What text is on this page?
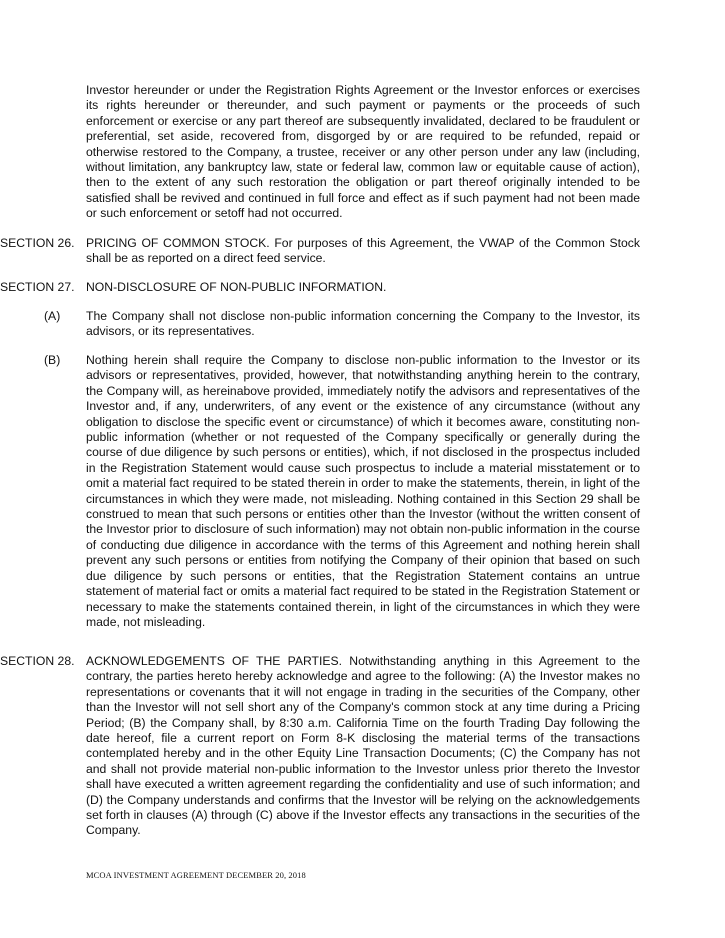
Investor hereunder or under the Registration Rights Agreement or the Investor enforces or exercises its rights hereunder or thereunder, and such payment or payments or the proceeds of such enforcement or exercise or any part thereof are subsequently invalidated, declared to be fraudulent or preferential, set aside, recovered from, disgorged by or are required to be refunded, repaid or otherwise restored to the Company, a trustee, receiver or any other person under any law (including, without limitation, any bankruptcy law, state or federal law, common law or equitable cause of action), then to the extent of any such restoration the obligation or part thereof originally intended to be satisfied shall be revived and continued in full force and effect as if such payment had not been made or such enforcement or setoff had not occurred.
SECTION 26. PRICING OF COMMON STOCK. For purposes of this Agreement, the VWAP of the Common Stock shall be as reported on a direct feed service.
SECTION 27. NON-DISCLOSURE OF NON-PUBLIC INFORMATION.
(A) The Company shall not disclose non-public information concerning the Company to the Investor, its advisors, or its representatives.
(B) Nothing herein shall require the Company to disclose non-public information to the Investor or its advisors or representatives, provided, however, that notwithstanding anything herein to the contrary, the Company will, as hereinabove provided, immediately notify the advisors and representatives of the Investor and, if any, underwriters, of any event or the existence of any circumstance (without any obligation to disclose the specific event or circumstance) of which it becomes aware, constituting non-public information (whether or not requested of the Company specifically or generally during the course of due diligence by such persons or entities), which, if not disclosed in the prospectus included in the Registration Statement would cause such prospectus to include a material misstatement or to omit a material fact required to be stated therein in order to make the statements, therein, in light of the circumstances in which they were made, not misleading. Nothing contained in this Section 29 shall be construed to mean that such persons or entities other than the Investor (without the written consent of the Investor prior to disclosure of such information) may not obtain non-public information in the course of conducting due diligence in accordance with the terms of this Agreement and nothing herein shall prevent any such persons or entities from notifying the Company of their opinion that based on such due diligence by such persons or entities, that the Registration Statement contains an untrue statement of material fact or omits a material fact required to be stated in the Registration Statement or necessary to make the statements contained therein, in light of the circumstances in which they were made, not misleading.
SECTION 28. ACKNOWLEDGEMENTS OF THE PARTIES. Notwithstanding anything in this Agreement to the contrary, the parties hereto hereby acknowledge and agree to the following: (A) the Investor makes no representations or covenants that it will not engage in trading in the securities of the Company, other than the Investor will not sell short any of the Company's common stock at any time during a Pricing Period; (B) the Company shall, by 8:30 a.m. California Time on the fourth Trading Day following the date hereof, file a current report on Form 8-K disclosing the material terms of the transactions contemplated hereby and in the other Equity Line Transaction Documents; (C) the Company has not and shall not provide material non-public information to the Investor unless prior thereto the Investor shall have executed a written agreement regarding the confidentiality and use of such information; and (D) the Company understands and confirms that the Investor will be relying on the acknowledgements set forth in clauses (A) through (C) above if the Investor effects any transactions in the securities of the Company.
MCOA INVESTMENT AGREEMENT DECEMBER 20, 2018
